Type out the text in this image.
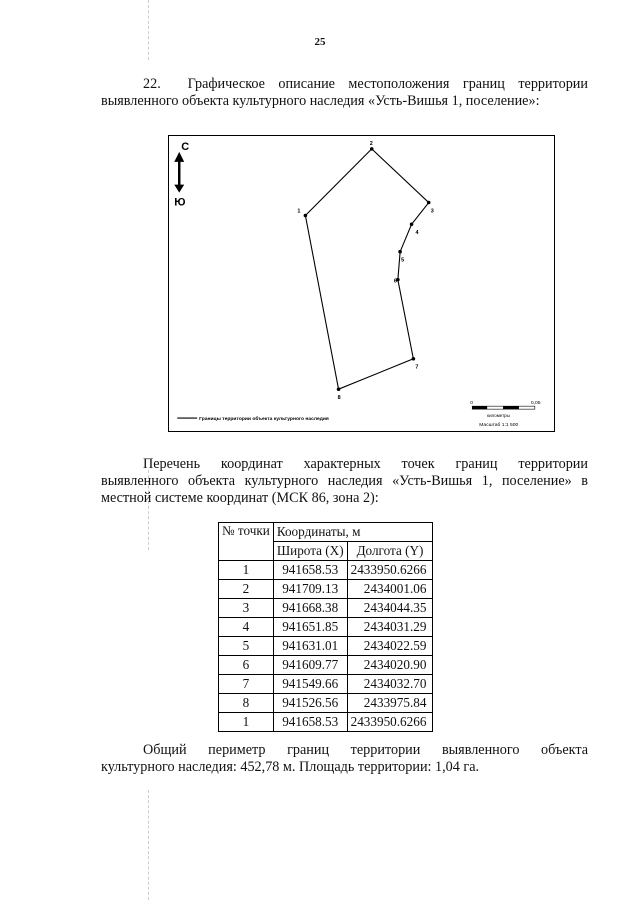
25
22.  Графическое описание местоположения границ территории
выявленного объекта культурного наследия «Усть-Вишья 1, поселение»:
С
Ю
1
2
3
4
5
6
7
8
0	0,05
километры
Масштаб 1:1 500
Границы территории объекта культурного наследия
Перечень координат характерных точек границ территории
выявленного объекта культурного наследия «Усть-Вишья 1, поселение» в
местной системе координат (МСК 86, зона 2):
№ точки	Координаты, м	
	Широта (X)	Долгота (Y)
1	941658.53	2433950.6266
2	941709.13	2434001.06
3	941668.38	2434044.35
4	941651.85	2434031.29
5	941631.01	2434022.59
6	941609.77	2434020.90
7	941549.66	2434032.70
8	941526.56	2433975.84
1	941658.53	2433950.6266
Общий периметр границ территории выявленного объекта
культурного наследия: 452,78 м. Площадь территории: 1,04 га.
